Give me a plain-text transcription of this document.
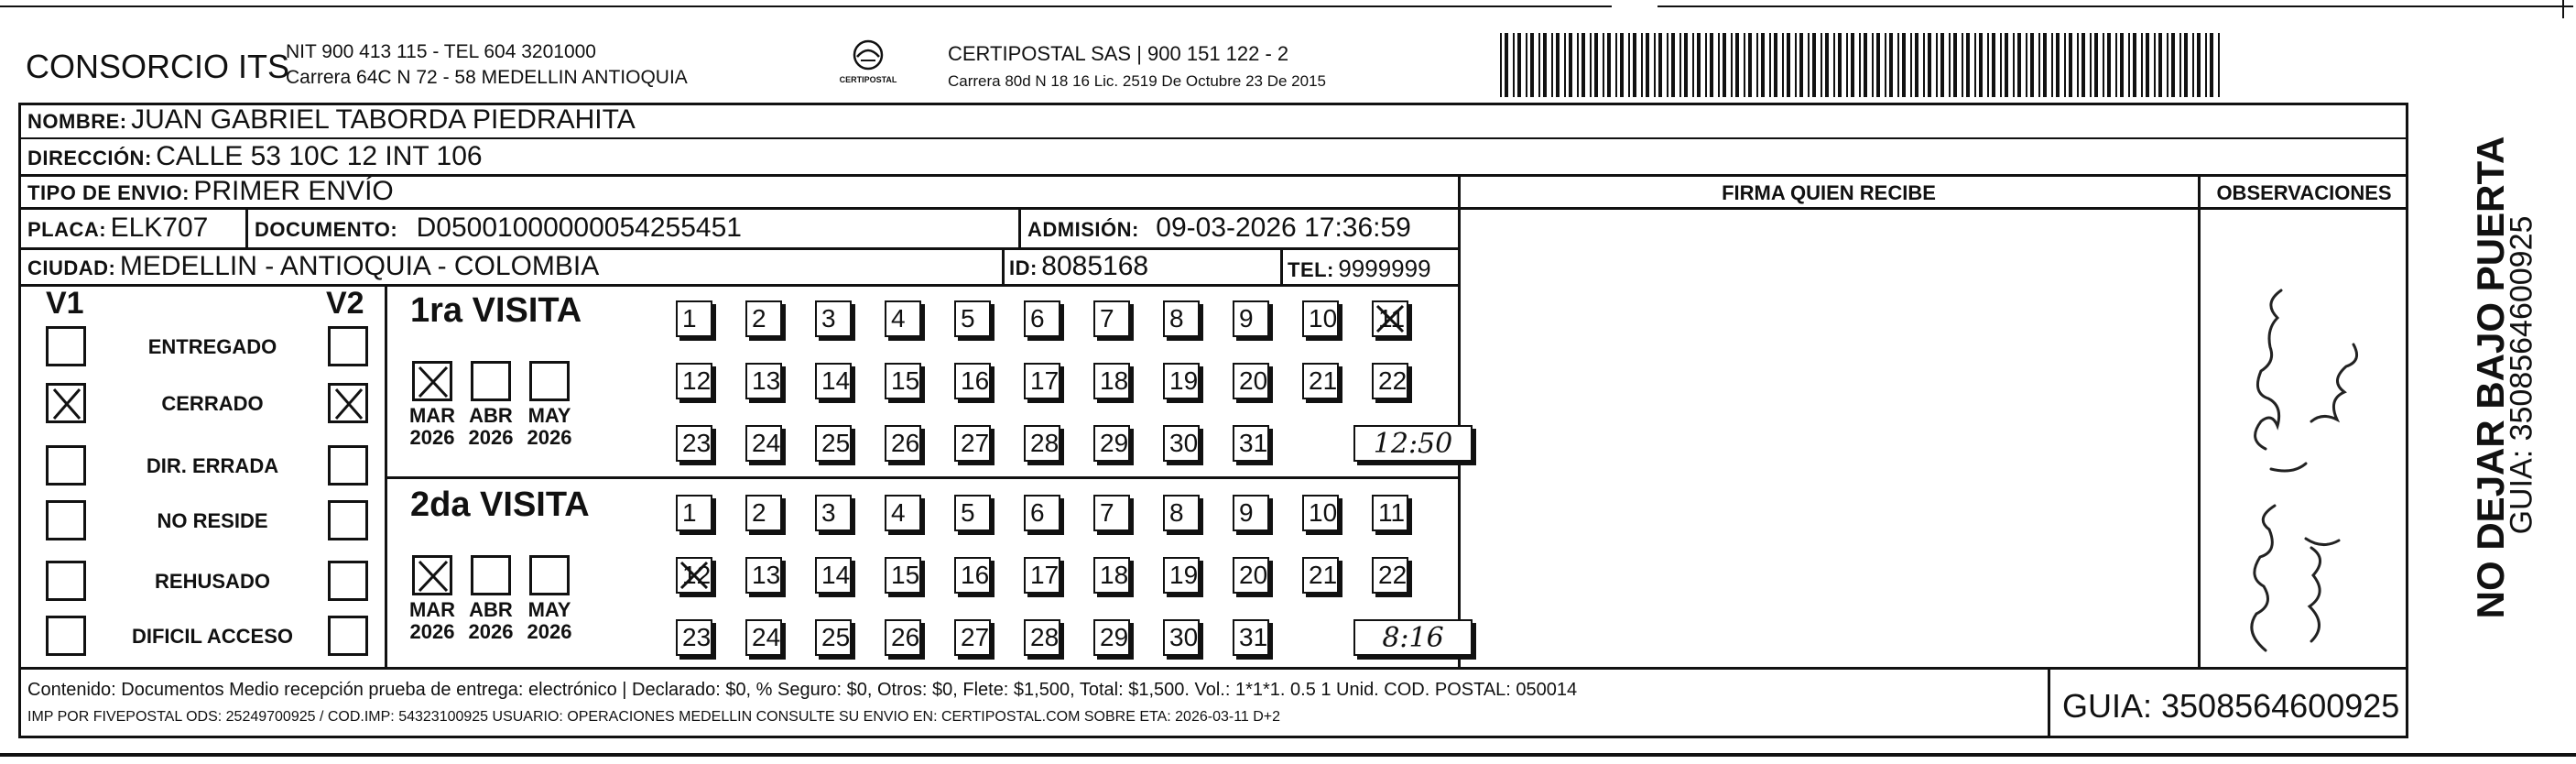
CONSORCIO ITS
NIT 900 413 115 - TEL 604 3201000
Carrera 64C N 72 - 58 MEDELLIN ANTIOQUIA	CERTIPOSTAL
CERTIPOSTAL SAS | 900 151 122 - 2
Carrera 80d N 18 16 Lic. 2519 De Octubre 23 De 2015
NOMBRE: JUAN GABRIEL TABORDA PIEDRAHITA
DIRECCIÓN: CALLE 53 10C 12 INT 106
TIPO DE ENVIO: PRIMER ENVÍO	FIRMA QUIEN RECIBE	OBSERVACIONES
PLACA: ELK707 DOCUMENTO: D05001000000054255451	ADMISIÓN: 09-03-2026 17:36:59
CIUDAD: MEDELLIN - ANTIOQUIA - COLOMBIA	ID: 8085168	TEL: 9999999
V1	V2
ENTREGADO
CERRADO
DIR. ERRADA
NO RESIDE
REHUSADO
DIFICIL ACCESO
1ra VISITA
MAR
2026
ABR
2026
MAY
2026
1 2 3 4 5 6 7 8 9 10 11
12 13 14 15 16 17 18 19 20 21 22
23 24 25 26 27 28 29 30 31	12:50
2da VISITA
MAR
2026
ABR
2026
MAY
2026
1 2 3 4 5 6 7 8 9 10 11
12 13 14 15 16 17 18 19 20 21 22
23 24 25 26 27 28 29 30 31	8:16
NO DEJAR BAJO PUERTA
GUIA: 3508564600925
Contenido: Documentos Medio recepción prueba de entrega: electrónico | Declarado: $0, % Seguro: $0, Otros: $0, Flete: $1,500, Total: $1,500. Vol.: 1*1*1. 0.5 1 Unid. COD. POSTAL: 050014
IMP POR FIVEPOSTAL ODS: 25249700925 / COD.IMP: 54323100925 USUARIO: OPERACIONES MEDELLIN CONSULTE SU ENVIO EN: CERTIPOSTAL.COM SOBRE ETA: 2026-03-11 D+2	GUIA: 3508564600925
